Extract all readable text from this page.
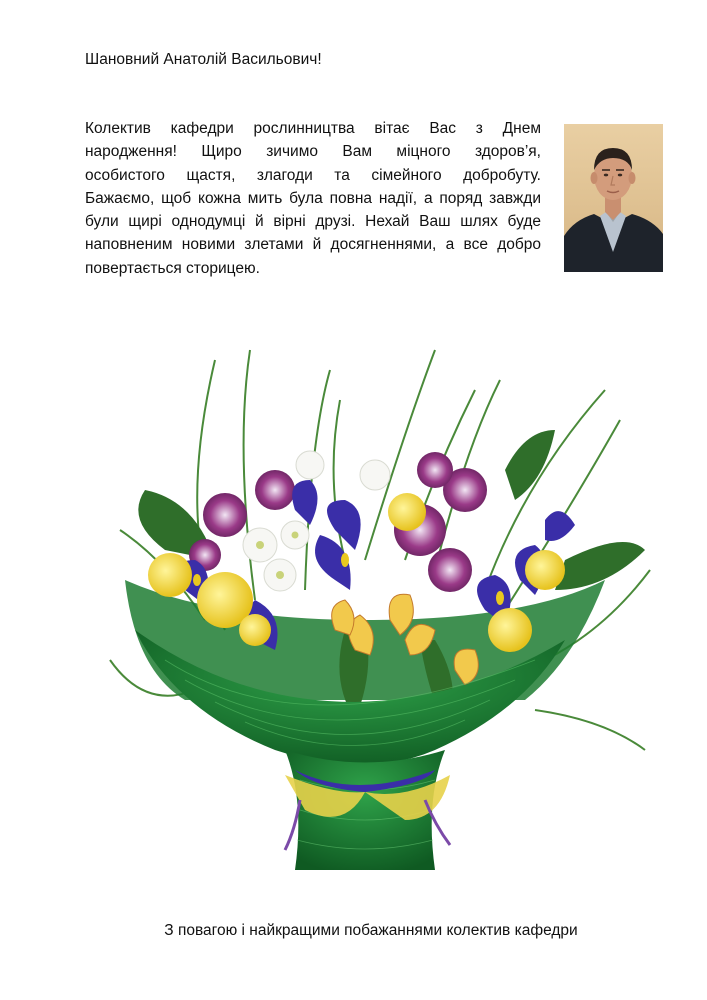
Шановний Анатолій Васильович!
Колектив кафедри рослинництва вітає Вас з Днем
народження! Щиро зичимо Вам міцного здоров’я,
особистого щастя, злагоди та сімейного добробуту.
Бажаємо, щоб кожна мить була повна надії, а поряд завжди
були щирі однодумці й вірні друзі. Нехай Ваш шлях буде
наповненим новими злетами й досягненнями, а все добро
повертається сторицею.
З повагою і найкращими побажаннями колектив кафедри
